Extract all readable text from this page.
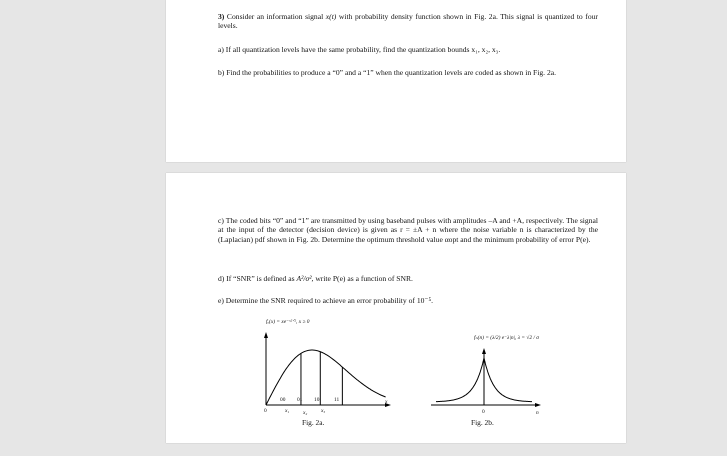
3) Consider an information signal x(t) with probability density function shown in Fig. 2a. This signal is quantized to four levels.

a) If all quantization levels have the same probability, find the quantization bounds x₁, x₂, x₃.

b) Find the probabilities to produce a “0” and a “1” when the quantization levels are coded as shown in Fig. 2a.

c) The coded bits “0” and “1” are transmitted by using baseband pulses with amplitudes –A and +A, respectively. The signal at the input of the detector (decision device) is given as r = ±A + n where the noise variable n is characterized by the (Laplacian) pdf shown in Fig. 2b. Determine the optimum threshold value αopt and the minimum probability of error P(e).

d) If “SNR” is defined as A²/σ², write P(e) as a function of SNR.

e) Determine the SNR required to achieve an error probability of 10⁻⁵.

fₓ(x) = xe⁻ˣ²ᐟ², x ≥ 0
00 01 10	11
0	x₁	x₂	x₃
x
Fig. 2a.
fₙ(n) = (λ/2) e⁻λ|n|, λ = √2 / σ
0	n
Fig. 2b.
